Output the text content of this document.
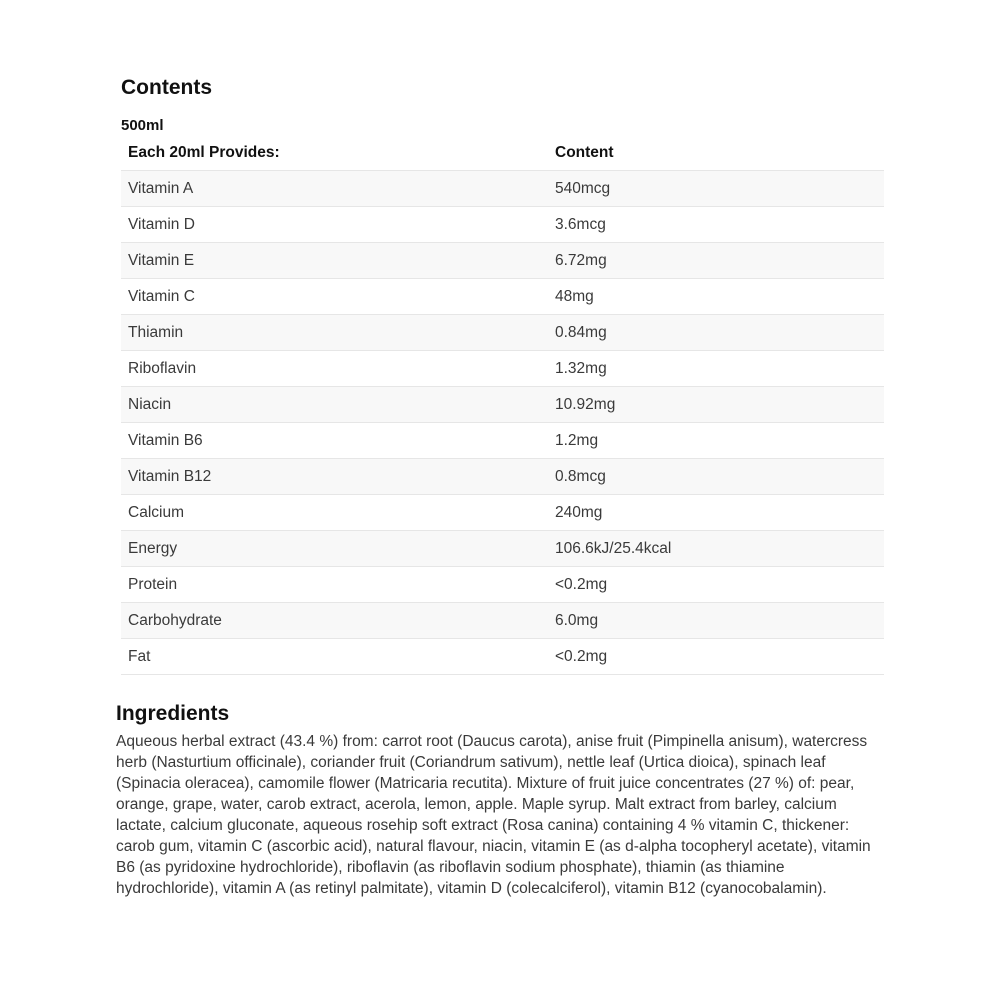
Contents
500ml
Each 20ml Provides:	Content
Vitamin A	540mcg
Vitamin D	3.6mcg
Vitamin E	6.72mg
Vitamin C	48mg
Thiamin	0.84mg
Riboflavin	1.32mg
Niacin	10.92mg
Vitamin B6	1.2mg
Vitamin B12	0.8mcg
Calcium	240mg
Energy	106.6kJ/25.4kcal
Protein	<0.2mg
Carbohydrate	6.0mg
Fat	<0.2mg
Ingredients

Aqueous herbal extract (43.4 %) from: carrot root (Daucus carota), anise fruit (Pimpinella anisum), watercress herb (Nasturtium officinale), coriander fruit (Coriandrum sativum), nettle leaf (Urtica dioica), spinach leaf (Spinacia oleracea), camomile flower (Matricaria recutita). Mixture of fruit juice concentrates (27 %) of: pear, orange, grape, water, carob extract, acerola, lemon, apple. Maple syrup. Malt extract from barley, calcium lactate, calcium gluconate, aqueous rosehip soft extract (Rosa canina) containing 4 % vitamin C, thickener: carob gum, vitamin C (ascorbic acid), natural flavour, niacin, vitamin E (as d-alpha tocopheryl acetate), vitamin B6 (as pyridoxine hydrochloride), riboflavin (as riboflavin sodium phosphate), thiamin (as thiamine hydrochloride), vitamin A (as retinyl palmitate), vitamin D (colecalciferol), vitamin B12 (cyanocobalamin).
